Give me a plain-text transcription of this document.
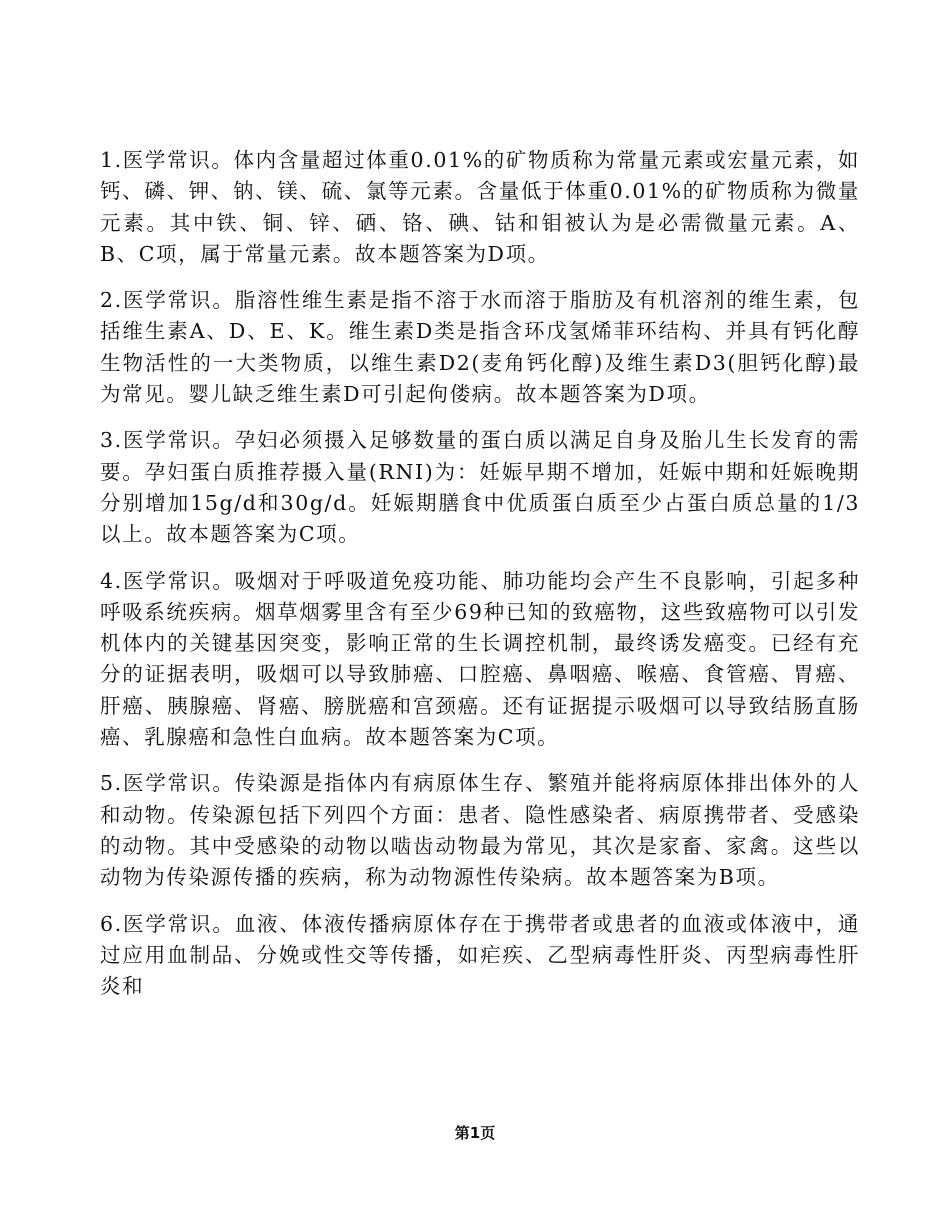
1.医学常识。体内含量超过体重0.01%的矿物质称为常量元素或宏量元素，如钙、磷、钾、钠、镁、硫、氯等元素。含量低于体重0.01%的矿物质称为微量元素。其中铁、铜、锌、硒、铬、碘、钴和钼被认为是必需微量元素。A、B、C项，属于常量元素。故本题答案为D项。

2.医学常识。脂溶性维生素是指不溶于水而溶于脂肪及有机溶剂的维生素，包括维生素A、D、E、K。维生素D类是指含环戊氢烯菲环结构、并具有钙化醇生物活性的一大类物质，以维生素D2(麦角钙化醇)及维生素D3(胆钙化醇)最为常见。婴儿缺乏维生素D可引起佝偻病。故本题答案为D项。

3.医学常识。孕妇必须摄入足够数量的蛋白质以满足自身及胎儿生长发育的需要。孕妇蛋白质推荐摄入量(RNI)为：妊娠早期不增加，妊娠中期和妊娠晚期分别增加15g/d和30g/d。妊娠期膳食中优质蛋白质至少占蛋白质总量的1/3以上。故本题答案为C项。

4.医学常识。吸烟对于呼吸道免疫功能、肺功能均会产生不良影响，引起多种呼吸系统疾病。烟草烟雾里含有至少69种已知的致癌物，这些致癌物可以引发机体内的关键基因突变，影响正常的生长调控机制，最终诱发癌变。已经有充分的证据表明，吸烟可以导致肺癌、口腔癌、鼻咽癌、喉癌、食管癌、胃癌、肝癌、胰腺癌、肾癌、膀胱癌和宫颈癌。还有证据提示吸烟可以导致结肠直肠癌、乳腺癌和急性白血病。故本题答案为C项。

5.医学常识。传染源是指体内有病原体生存、繁殖并能将病原体排出体外的人和动物。传染源包括下列四个方面：患者、隐性感染者、病原携带者、受感染的动物。其中受感染的动物以啮齿动物最为常见，其次是家畜、家禽。这些以动物为传染源传播的疾病，称为动物源性传染病。故本题答案为B项。

6.医学常识。血液、体液传播病原体存在于携带者或患者的血液或体液中，通过应用血制品、分娩或性交等传播，如疟疾、乙型病毒性肝炎、丙型病毒性肝炎和

第1页
